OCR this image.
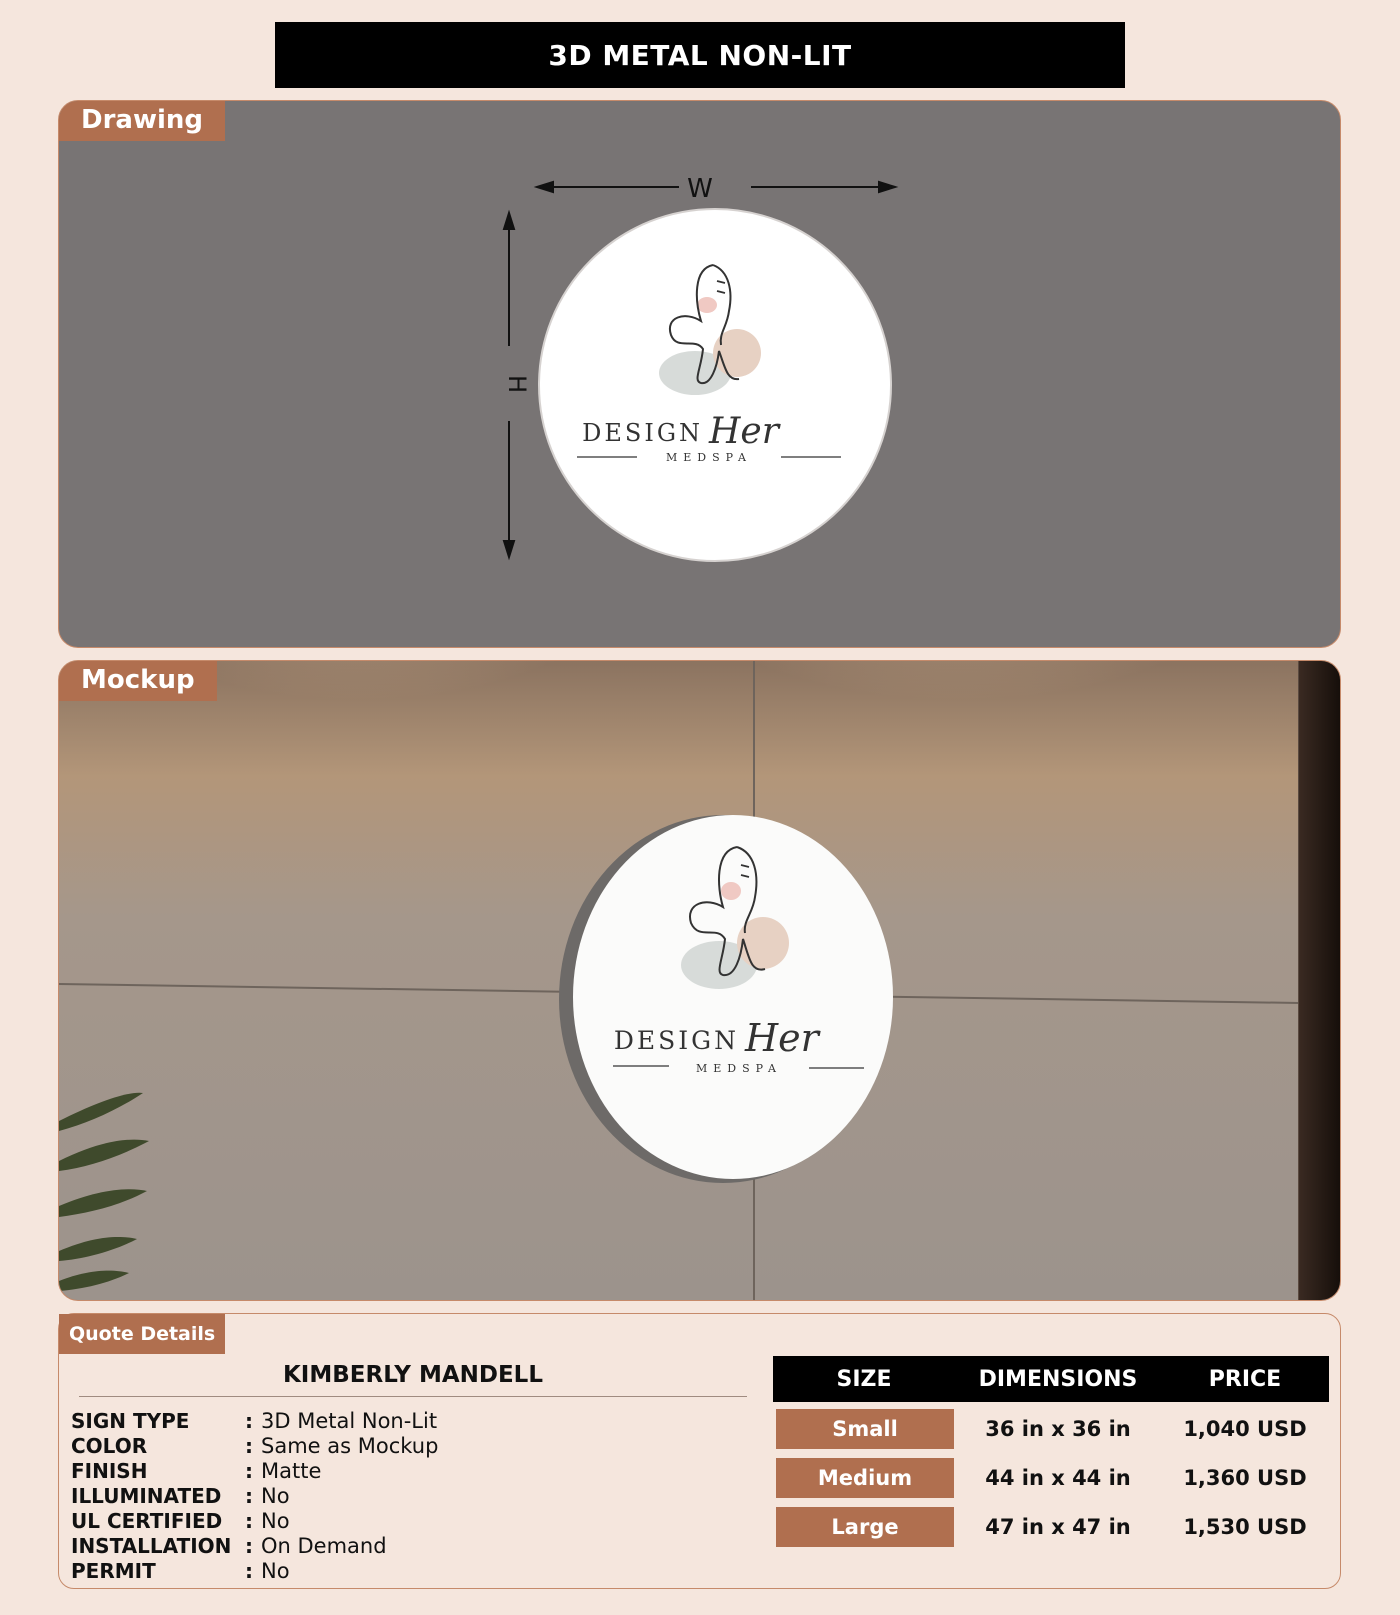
3D METAL NON-LIT
Drawing
W
H
DESIGN Her
MEDSPA
Mockup
DESIGN Her
MEDSPA
Quote Details
KIMBERLY MANDELL
SIGN TYPE	: 3D Metal Non-Lit
COLOR	: Same as Mockup
FINISH	: Matte
ILLUMINATED	: No
UL CERTIFIED	: No
INSTALLATION : On Demand
PERMIT	: No
SIZE	DIMENSIONS	PRICE
Small	36 in x 36 in	1,040 USD
Medium	44 in x 44 in	1,360 USD
Large	47 in x 47 in	1,530 USD
